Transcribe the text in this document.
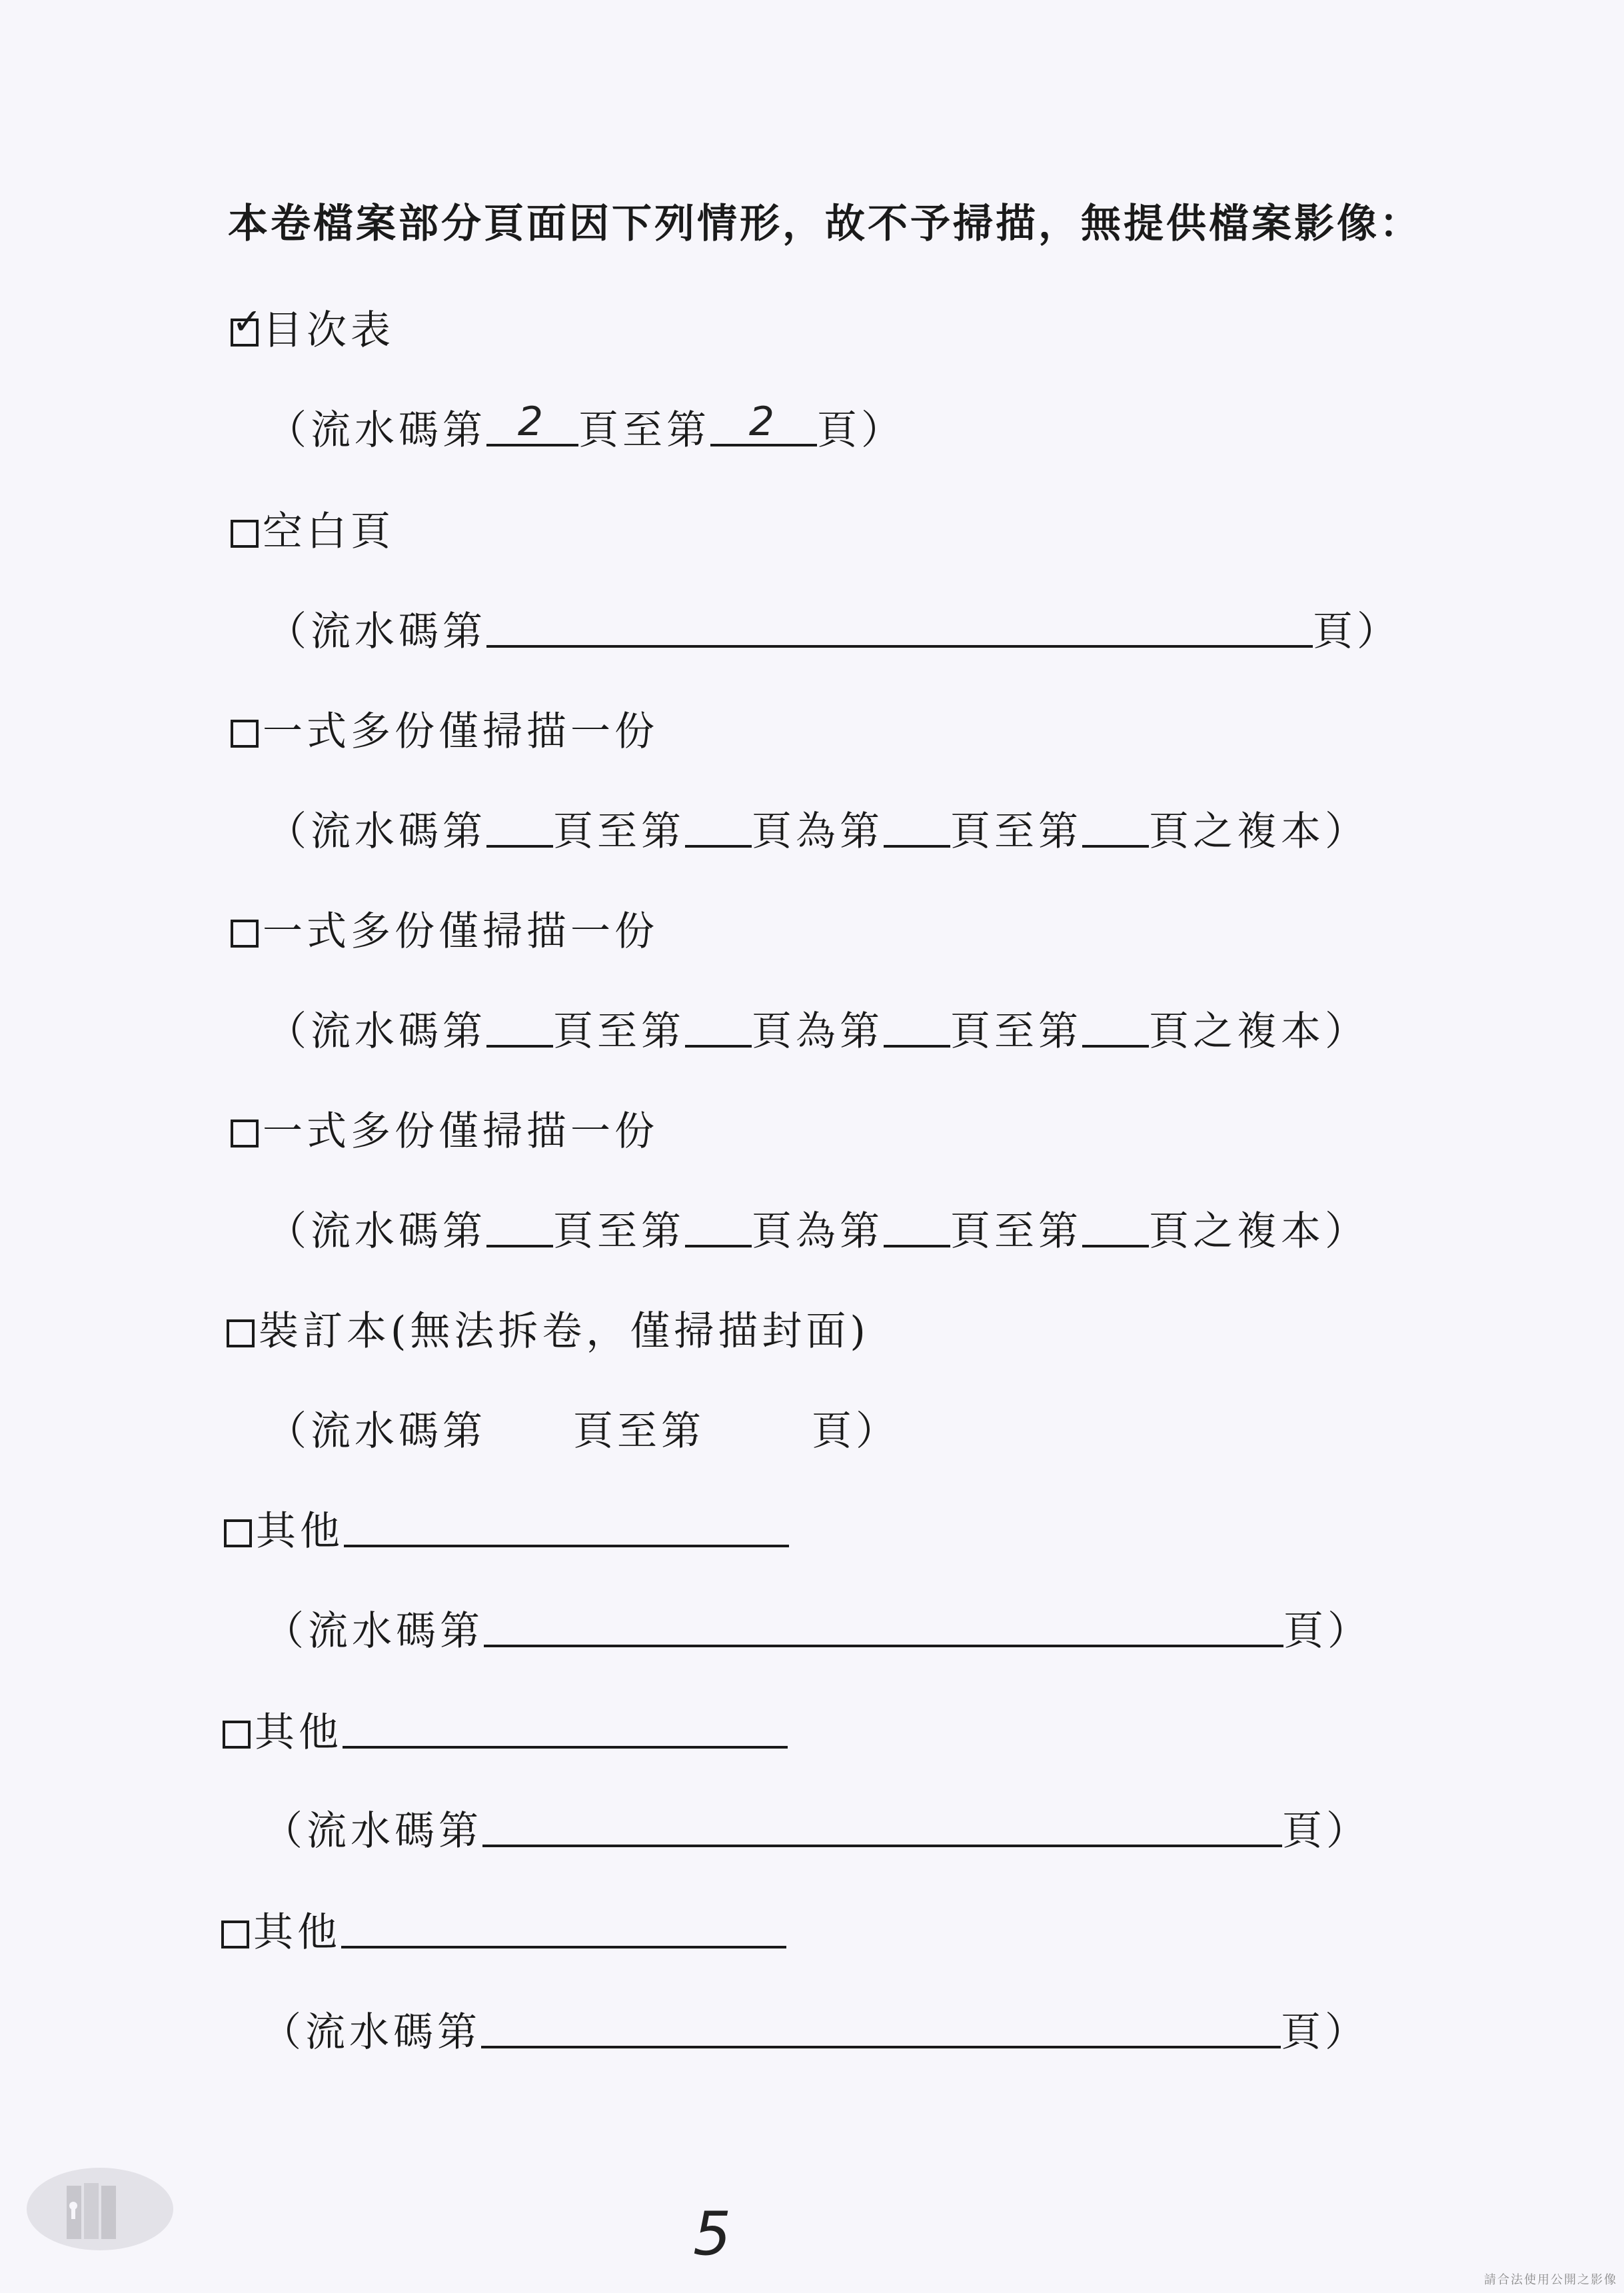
本卷檔案部分頁面因下列情形，故不予掃描，無提供檔案影像：
✓
目次表
（流水碼第 2 頁至第 2 頁）
空白頁
（流水碼第	頁）
一式多份僅掃描一份
（流水碼第 頁至第 頁為第 頁至第 頁之複本）
一式多份僅掃描一份
（流水碼第 頁至第 頁為第 頁至第 頁之複本）
一式多份僅掃描一份
（流水碼第 頁至第 頁為第 頁至第 頁之複本）
裝訂本(無法拆卷，僅掃描封面)
（流水碼第 頁至第	頁）
其他
（流水碼第	頁）
其他
（流水碼第	頁）
其他
（流水碼第	頁）
5
請合法使用公開之影像
